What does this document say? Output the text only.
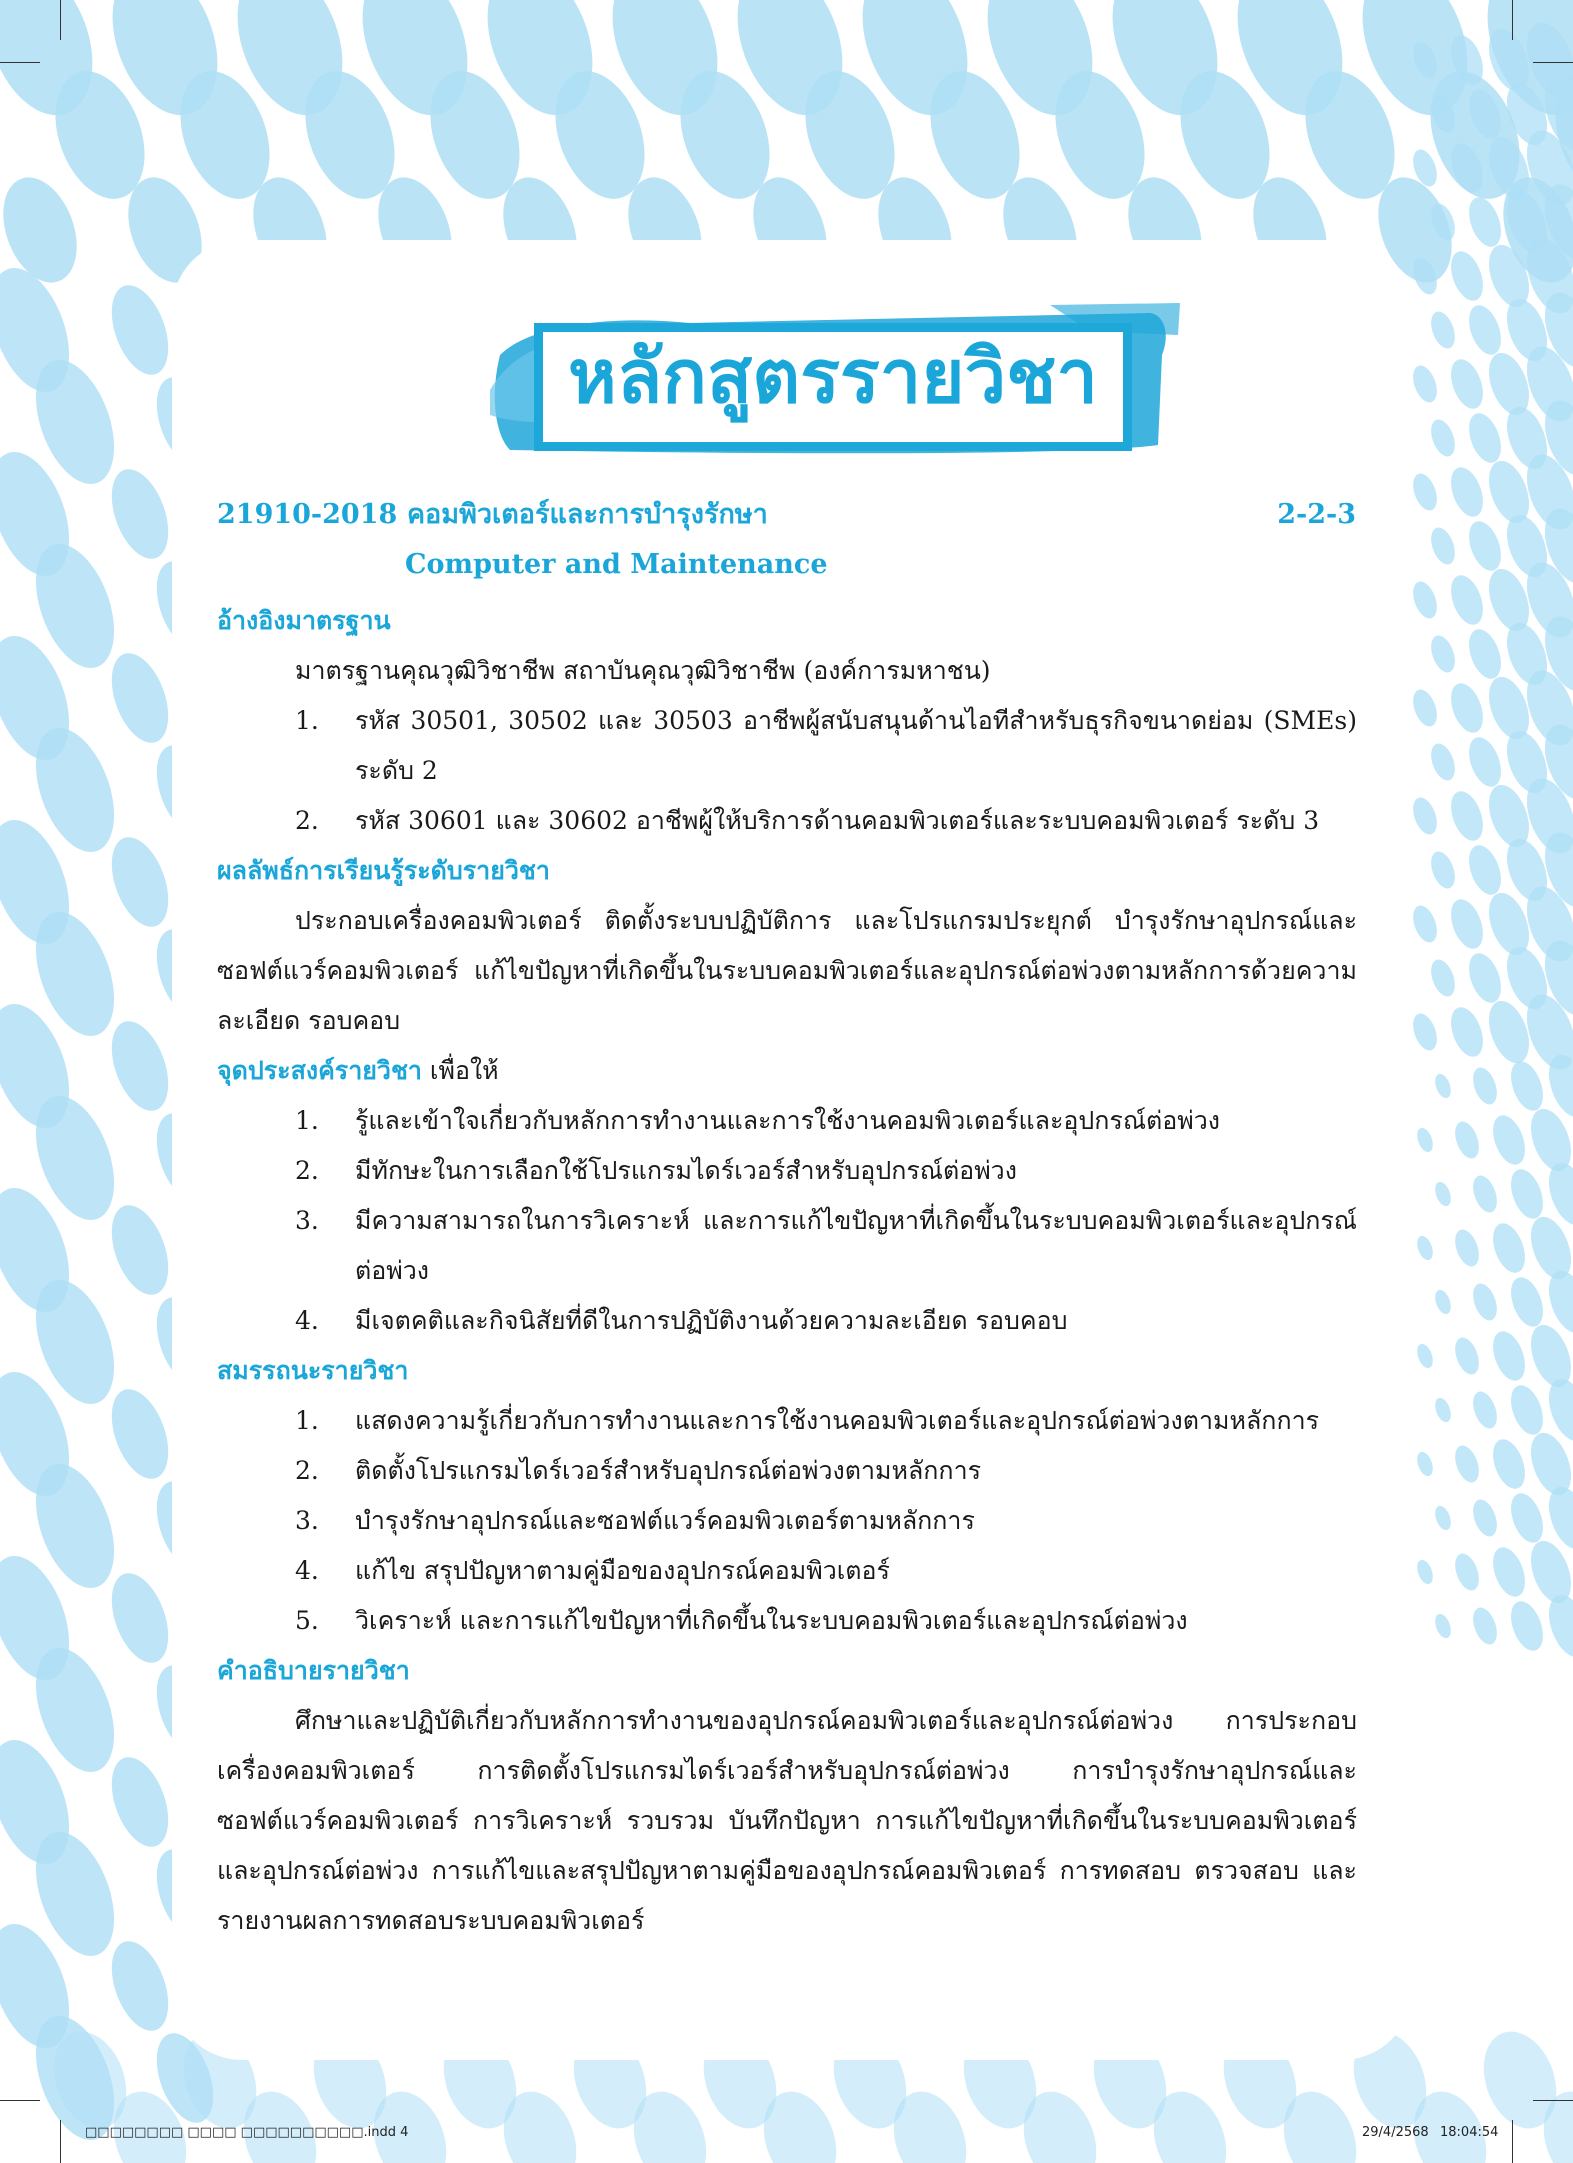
หลักสูตรรายวิชา
21910-2018 คอมพิวเตอร์และการบำรุงรักษา	2-2-3
Computer and Maintenance
อ้างอิงมาตรฐาน
มาตรฐานคุณวุฒิวิชาชีพ สถาบันคุณวุฒิวิชาชีพ (องค์การมหาชน)
1. รหัส 30501, 30502 และ 30503 อาชีพผู้สนับสนุนด้านไอทีสำหรับธุรกิจขนาดย่อม (SMEs) ระดับ 2
2. รหัส 30601 และ 30602 อาชีพผู้ให้บริการด้านคอมพิวเตอร์และระบบคอมพิวเตอร์ ระดับ 3
ผลลัพธ์การเรียนรู้ระดับรายวิชา
ประกอบเครื่องคอมพิวเตอร์ ติดตั้งระบบปฏิบัติการ และโปรแกรมประยุกต์ บำรุงรักษาอุปกรณ์และซอฟต์แวร์คอมพิวเตอร์ แก้ไขปัญหาที่เกิดขึ้นในระบบคอมพิวเตอร์และอุปกรณ์ต่อพ่วงตามหลักการด้วยความละเอียด รอบคอบ
จุดประสงค์รายวิชา เพื่อให้
1. รู้และเข้าใจเกี่ยวกับหลักการทำงานและการใช้งานคอมพิวเตอร์และอุปกรณ์ต่อพ่วง
2. มีทักษะในการเลือกใช้โปรแกรมไดร์เวอร์สำหรับอุปกรณ์ต่อพ่วง
3. มีความสามารถในการวิเคราะห์ และการแก้ไขปัญหาที่เกิดขึ้นในระบบคอมพิวเตอร์และอุปกรณ์ต่อพ่วง
4. มีเจตคติและกิจนิสัยที่ดีในการปฏิบัติงานด้วยความละเอียด รอบคอบ
สมรรถนะรายวิชา
1. แสดงความรู้เกี่ยวกับการทำงานและการใช้งานคอมพิวเตอร์และอุปกรณ์ต่อพ่วงตามหลักการ
2. ติดตั้งโปรแกรมไดร์เวอร์สำหรับอุปกรณ์ต่อพ่วงตามหลักการ
3. บำรุงรักษาอุปกรณ์และซอฟต์แวร์คอมพิวเตอร์ตามหลักการ
4. แก้ไข สรุปปัญหาตามคู่มือของอุปกรณ์คอมพิวเตอร์
5. วิเคราะห์ และการแก้ไขปัญหาที่เกิดขึ้นในระบบคอมพิวเตอร์และอุปกรณ์ต่อพ่วง
คำอธิบายรายวิชา
ศึกษาและปฏิบัติเกี่ยวกับหลักการทำงานของอุปกรณ์คอมพิวเตอร์และอุปกรณ์ต่อพ่วง การประกอบเครื่องคอมพิวเตอร์ การติดตั้งโปรแกรมไดร์เวอร์สำหรับอุปกรณ์ต่อพ่วง การบำรุงรักษาอุปกรณ์และซอฟต์แวร์คอมพิวเตอร์ การวิเคราะห์ รวบรวม บันทึกปัญหา การแก้ไขปัญหาที่เกิดขึ้นในระบบคอมพิวเตอร์และอุปกรณ์ต่อพ่วง การแก้ไขและสรุปปัญหาตามคู่มือของอุปกรณ์คอมพิวเตอร์ การทดสอบ ตรวจสอบ และรายงานผลการทดสอบระบบคอมพิวเตอร์
□□□□□□□□ □□□□ □□□□□□□□□□.indd 4	29/4/2568 18:04:54
